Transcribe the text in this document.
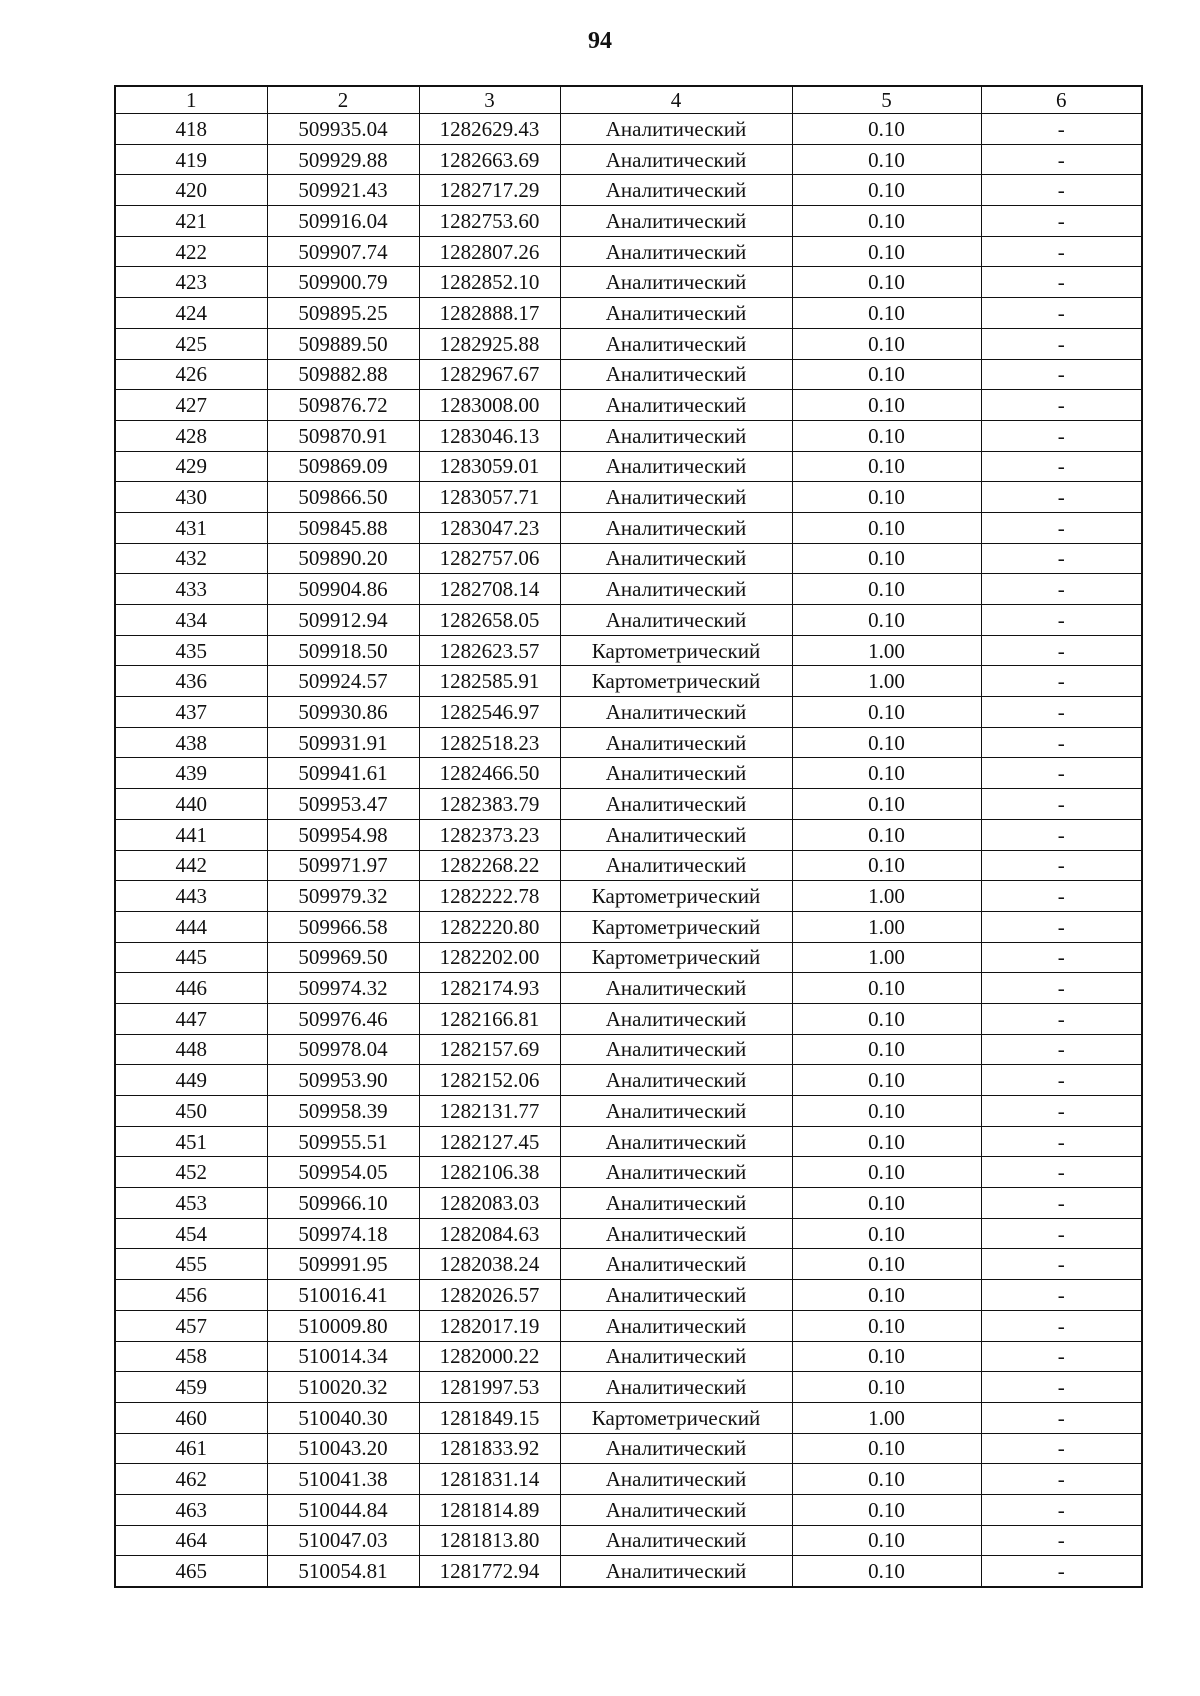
94
1	2	3	4	5	6
418	509935.04	1282629.43	Аналитический	0.10	-
419	509929.88	1282663.69	Аналитический	0.10	-
420	509921.43	1282717.29	Аналитический	0.10	-
421	509916.04	1282753.60	Аналитический	0.10	-
422	509907.74	1282807.26	Аналитический	0.10	-
423	509900.79	1282852.10	Аналитический	0.10	-
424	509895.25	1282888.17	Аналитический	0.10	-
425	509889.50	1282925.88	Аналитический	0.10	-
426	509882.88	1282967.67	Аналитический	0.10	-
427	509876.72	1283008.00	Аналитический	0.10	-
428	509870.91	1283046.13	Аналитический	0.10	-
429	509869.09	1283059.01	Аналитический	0.10	-
430	509866.50	1283057.71	Аналитический	0.10	-
431	509845.88	1283047.23	Аналитический	0.10	-
432	509890.20	1282757.06	Аналитический	0.10	-
433	509904.86	1282708.14	Аналитический	0.10	-
434	509912.94	1282658.05	Аналитический	0.10	-
435	509918.50	1282623.57	Картометрический	1.00	-
436	509924.57	1282585.91	Картометрический	1.00	-
437	509930.86	1282546.97	Аналитический	0.10	-
438	509931.91	1282518.23	Аналитический	0.10	-
439	509941.61	1282466.50	Аналитический	0.10	-
440	509953.47	1282383.79	Аналитический	0.10	-
441	509954.98	1282373.23	Аналитический	0.10	-
442	509971.97	1282268.22	Аналитический	0.10	-
443	509979.32	1282222.78	Картометрический	1.00	-
444	509966.58	1282220.80	Картометрический	1.00	-
445	509969.50	1282202.00	Картометрический	1.00	-
446	509974.32	1282174.93	Аналитический	0.10	-
447	509976.46	1282166.81	Аналитический	0.10	-
448	509978.04	1282157.69	Аналитический	0.10	-
449	509953.90	1282152.06	Аналитический	0.10	-
450	509958.39	1282131.77	Аналитический	0.10	-
451	509955.51	1282127.45	Аналитический	0.10	-
452	509954.05	1282106.38	Аналитический	0.10	-
453	509966.10	1282083.03	Аналитический	0.10	-
454	509974.18	1282084.63	Аналитический	0.10	-
455	509991.95	1282038.24	Аналитический	0.10	-
456	510016.41	1282026.57	Аналитический	0.10	-
457	510009.80	1282017.19	Аналитический	0.10	-
458	510014.34	1282000.22	Аналитический	0.10	-
459	510020.32	1281997.53	Аналитический	0.10	-
460	510040.30	1281849.15	Картометрический	1.00	-
461	510043.20	1281833.92	Аналитический	0.10	-
462	510041.38	1281831.14	Аналитический	0.10	-
463	510044.84	1281814.89	Аналитический	0.10	-
464	510047.03	1281813.80	Аналитический	0.10	-
465	510054.81	1281772.94	Аналитический	0.10	-
